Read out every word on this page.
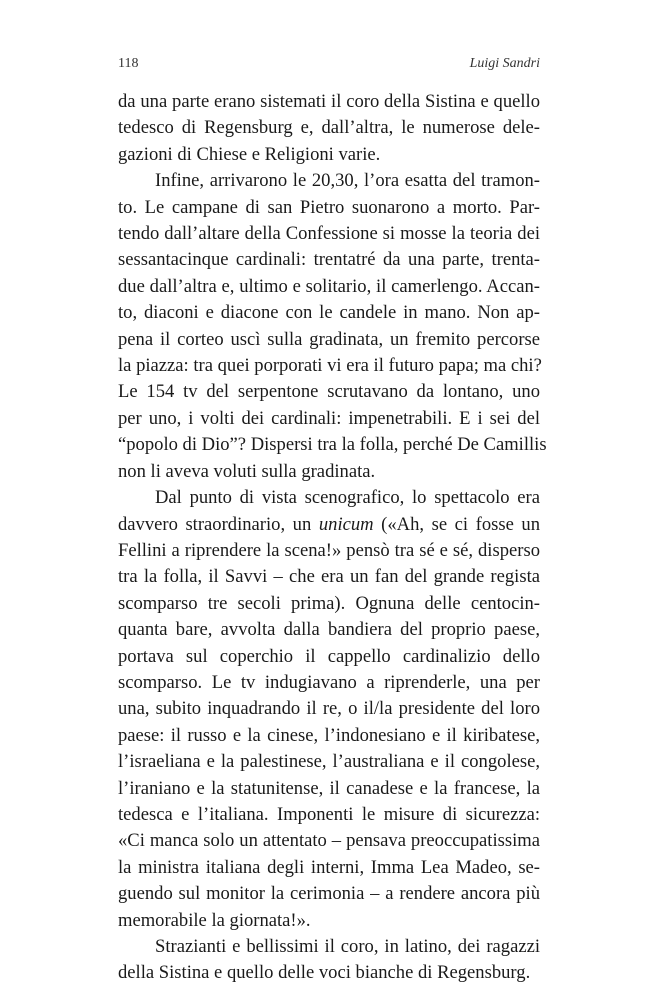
118	Luigi Sandri

da una parte erano sistemati il coro della Sistina e quello
tedesco di Regensburg e, dall’altra, le numerose dele-
gazioni di Chiese e Religioni varie.

Infine, arrivarono le 20,30, l’ora esatta del tramon-
to. Le campane di san Pietro suonarono a morto. Par-
tendo dall’altare della Confessione si mosse la teoria dei
sessantacinque cardinali: trentatré da una parte, trenta-
due dall’altra e, ultimo e solitario, il camerlengo. Accan-
to, diaconi e diacone con le candele in mano. Non ap-
pena il corteo uscì sulla gradinata, un fremito percorse
la piazza: tra quei porporati vi era il futuro papa; ma chi?
Le 154 tv del serpentone scrutavano da lontano, uno
per uno, i volti dei cardinali: impenetrabili. E i sei del
“popolo di Dio”? Dispersi tra la folla, perché De Camillis
non li aveva voluti sulla gradinata.

Dal punto di vista scenografico, lo spettacolo era
davvero straordinario, un unicum («Ah, se ci fosse un
Fellini a riprendere la scena!» pensò tra sé e sé, disperso
tra la folla, il Savvi – che era un fan del grande regista
scomparso tre secoli prima). Ognuna delle centocin-
quanta bare, avvolta dalla bandiera del proprio paese,
portava sul coperchio il cappello cardinalizio dello
scomparso. Le tv indugiavano a riprenderle, una per
una, subito inquadrando il re, o il/la presidente del loro
paese: il russo e la cinese, l’indonesiano e il kiribatese,
l’israeliana e la palestinese, l’australiana e il congolese,
l’iraniano e la statunitense, il canadese e la francese, la
tedesca e l’italiana. Imponenti le misure di sicurezza:
«Ci manca solo un attentato – pensava preoccupatissima
la ministra italiana degli interni, Imma Lea Madeo, se-
guendo sul monitor la cerimonia – a rendere ancora più
memorabile la giornata!».

Strazianti e bellissimi il coro, in latino, dei ragazzi
della Sistina e quello delle voci bianche di Regensburg.
